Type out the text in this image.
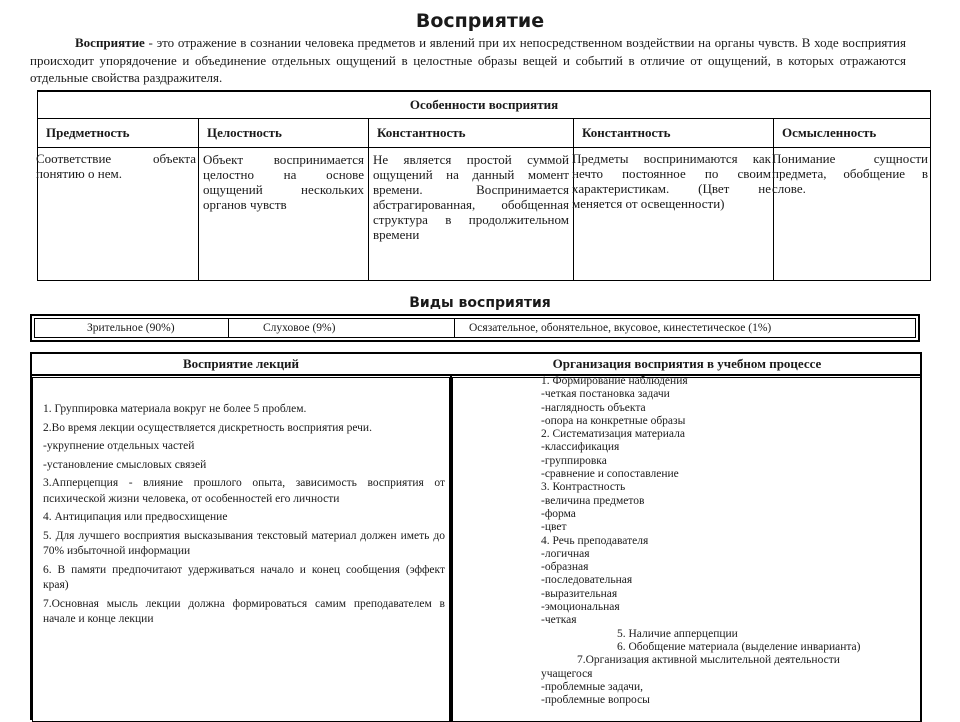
Восприятие
Восприятие - это отражение в сознании человека предметов и явлений при их непосредственном воздействии на органы чувств. В ходе восприятия происходит упорядочение и объединение отдельных ощущений в целостные образы вещей и событий в отличие от ощущений, в которых отражаются отдельные свойства раздражителя.
Особенности восприятия				
Предметность	Целостность	Константность	Константность	Осмысленность

Соответствие объекта понятию о нем.	Объект воспринимается целостно на основе ощущений нескольких органов чувств	Не является простой суммой ощущений на данный момент времени. Воспринимается абстрагированная, обобщенная структура в продолжительном времени	Предметы воспринимаются как нечто постоянное по своим характеристикам. (Цвет не меняется от освещенности)	Понимание сущности предмета, обобщение в слове.
Виды восприятия
Зрительное (90%)	Слуховое (9%)	Осязательное, обонятельное, вкусовое, кинестетическое (1%)
Восприятие лекций	Организация восприятия в учебном процессе
1. Группировка материала вокруг не более 5 проблем.
2.Во время лекции осуществляется дискретность восприятия речи.
-укрупнение отдельных частей
-установление смысловых связей
3.Апперцепция - влияние прошлого опыта, зависимость восприятия от психической жизни человека, от особенностей его личности
4. Антиципация или предвосхищение
5. Для лучшего восприятия высказывания текстовый материал должен иметь до 70% избыточной информации
6. В памяти предпочитают удерживаться начало и конец сообщения (эффект края)
7.Основная мысль лекции должна формироваться самим преподавателем в начале и конце лекции
1. Формирование наблюдения
-четкая постановка задачи
-наглядность объекта
-опора на конкретные образы
2. Систематизация материала
-классификация
-группировка
-сравнение и сопоставление
3. Контрастность
-величина предметов
-форма
-цвет
4. Речь преподавателя
-логичная
-образная
-последовательная
-выразительная
-эмоциональная
-четкая
5. Наличие апперцепции
6. Обобщение материала (выделение инварианта)
7.Организация активной мыслительной деятельности
учащегося
-проблемные задачи,
-проблемные вопросы
